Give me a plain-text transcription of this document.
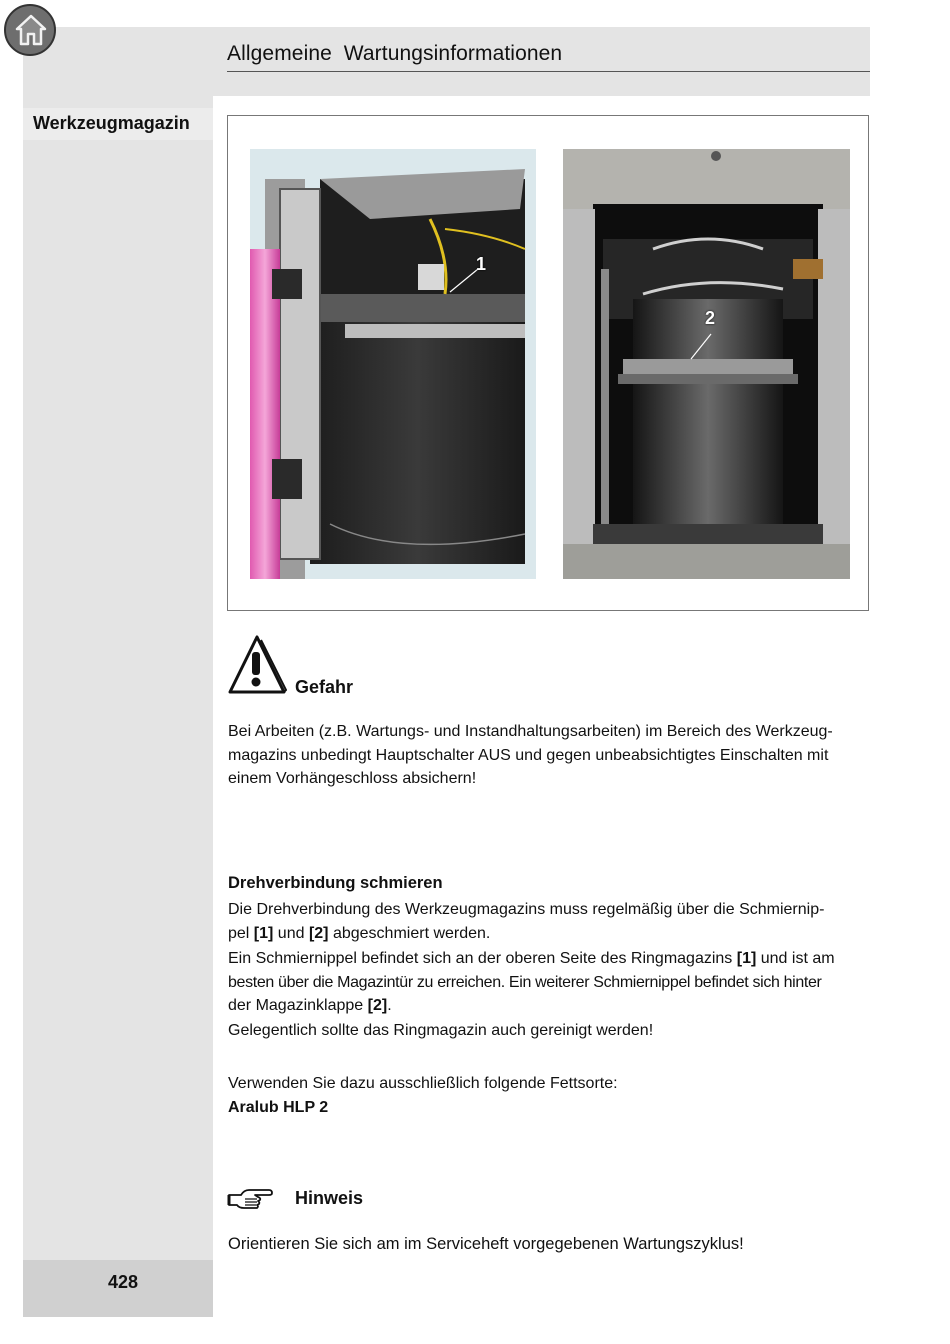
Allgemeine  Wartungsinformationen
Werkzeugmagazin
428
1
2
Gefahr
Bei Arbeiten (z.B. Wartungs- und Instandhaltungsarbeiten) im Bereich des Werkzeug-
magazins unbedingt Hauptschalter AUS und gegen unbeabsichtigtes Einschalten mit
einem Vorhängeschloss absichern!
Drehverbindung schmieren
Die Drehverbindung des Werkzeugmagazins muss regelmäßig über die Schmiernip-
pel [1] und [2] abgeschmiert werden.
Ein Schmiernippel befindet sich an der oberen Seite des Ringmagazins [1] und ist am
besten über die Magazintür zu erreichen. Ein weiterer Schmiernippel befindet sich hinter
der Magazinklappe [2].
Gelegentlich sollte das Ringmagazin auch gereinigt werden!
Verwenden Sie dazu ausschließlich folgende Fettsorte:
Aralub HLP 2
Hinweis
Orientieren Sie sich am im Serviceheft vorgegebenen Wartungszyklus!
